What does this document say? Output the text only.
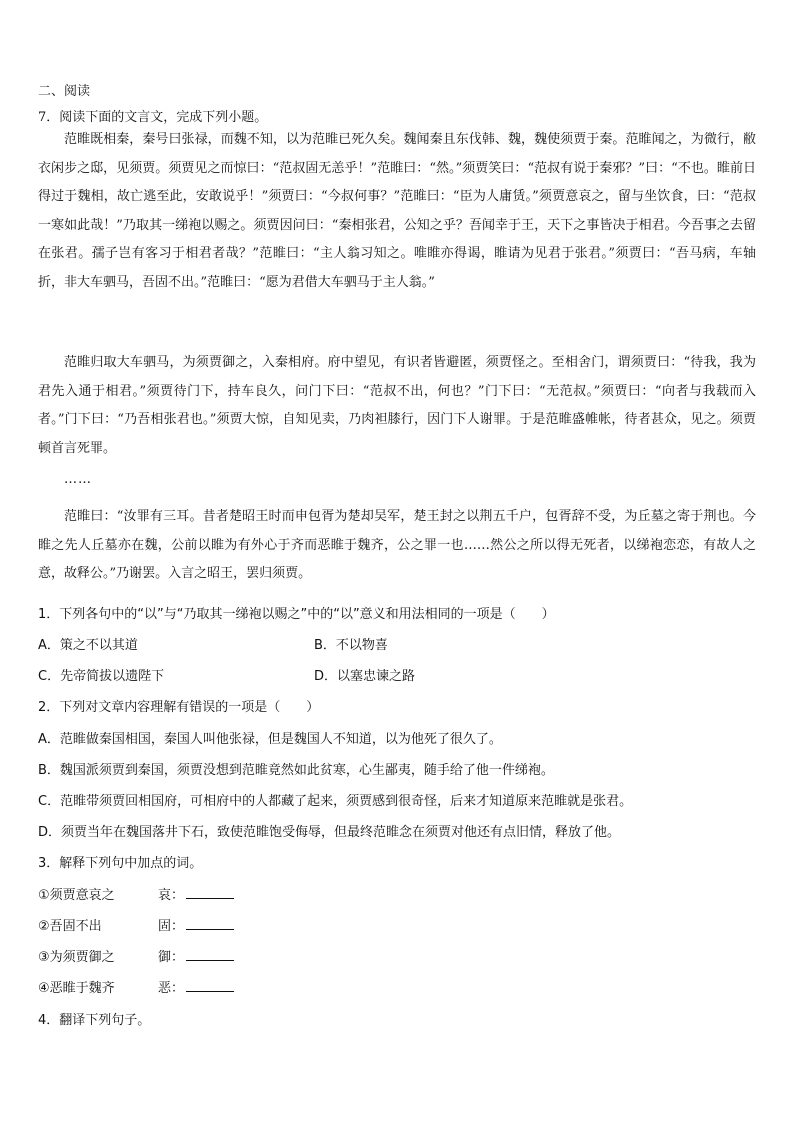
二、阅读
7．阅读下面的文言文，完成下列小题。

范睢既相秦，秦号曰张禄，而魏不知，以为范睢已死久矣。魏闻秦且东伐韩、魏，魏使须贾于秦。范睢闻之，为微行，敝衣闲步之邸，见须贾。须贾见之而惊曰：“范叔固无恙乎！”范睢曰：“然。”须贾笑曰：“范叔有说于秦邪？”曰：“不也。睢前日得过于魏相，故亡逃至此，安敢说乎！”须贾曰：“今叔何事？”范睢曰：“臣为人庸赁。”须贾意哀之，留与坐饮食，曰：“范叔一寒如此哉！”乃取其一绨袍以赐之。须贾因问曰：“秦相张君，公知之乎？吾闻幸于王，天下之事皆决于相君。今吾事之去留在张君。孺子岂有客习于相君者哉？”范睢曰：“主人翁习知之。唯睢亦得谒，睢请为见君于张君。”须贾曰：“吾马病，车轴折，非大车驷马，吾固不出。”范睢曰：“愿为君借大车驷马于主人翁。”

范睢归取大车驷马，为须贾御之，入秦相府。府中望见，有识者皆避匿，须贾怪之。至相舍门，谓须贾曰：“待我，我为君先入通于相君。”须贾待门下，持车良久，问门下曰：“范叔不出，何也？”门下曰：“无范叔。”须贾曰：“向者与我载而入者。”门下曰：“乃吾相张君也。”须贾大惊，自知见卖，乃肉袒膝行，因门下人谢罪。于是范睢盛帷帐，待者甚众，见之。须贾顿首言死罪。

……

范睢曰：“汝罪有三耳。昔者楚昭王时而申包胥为楚却吴军，楚王封之以荆五千户，包胥辞不受，为丘墓之寄于荆也。今睢之先人丘墓亦在魏，公前以睢为有外心于齐而恶睢于魏齐，公之罪一也……然公之所以得无死者，以绨袍恋恋，有故人之意，故释公。”乃谢罢。入言之昭王，罢归须贾。

1．下列各句中的“以”与“乃取其一绨袍以赐之”中的“以”意义和用法相同的一项是（　　）
A．策之不以其道	B．不以物喜
C．先帝简拔以遗陛下	D．以塞忠谏之路
2．下列对文章内容理解有错误的一项是（　　）
A．范睢做秦国相国，秦国人叫他张禄，但是魏国人不知道，以为他死了很久了。
B．魏国派须贾到秦国，须贾没想到范睢竟然如此贫寒，心生鄙夷，随手给了他一件绨袍。
C．范睢带须贾回相国府，可相府中的人都藏了起来，须贾感到很奇怪，后来才知道原来范睢就是张君。
D．须贾当年在魏国落井下石，致使范睢饱受侮辱，但最终范睢念在须贾对他还有点旧情，释放了他。
3．解释下列句中加点的词。
①须贾意哀之	哀：
②吾固不出	固：
③为须贾御之	御：
④恶睢于魏齐	恶：
4．翻译下列句子。
